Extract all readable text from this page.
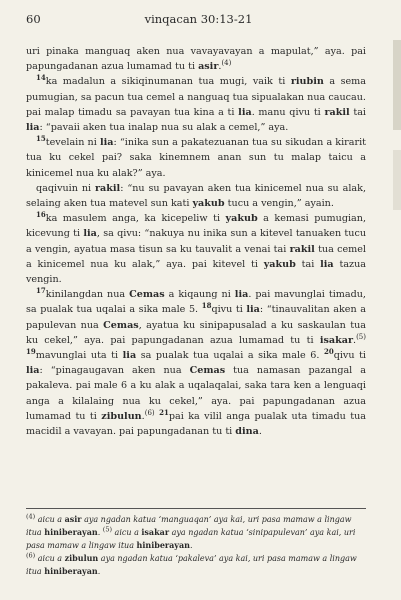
60	vinqacan 30:13-21

uri pinaka manguaq aken nua vavayavayan a mapulat,” aya. pai papungadanan azua lumamad tu ti asir.$^{(4)}$

$^{14}$ka madalun a sikiqinumanan tua mugi, vaik ti riubin a sema pumugian, sa pacun tua cemel a nanguaq tua sipualakan nua caucau. pai malap timadu sa pavayan tua kina a ti lia. manu qivu ti rakil tai lia: “pavaii aken tua inalap nua su alak a cemel,” aya.

$^{15}$tevelain ni lia: “inika sun a pakatezuanan tua su sikudan a kirarit tua ku cekel pai? saka kinemnem anan sun tu malap taicu a kinicemel nua ku alak?” aya.

qaqivuin ni rakil: “nu su pavayan aken tua kinicemel nua su alak, selaing aken tua matevel sun kati yakub tucu a vengin,” ayain.

$^{16}$ka masulem anga, ka kicepeliw ti yakub a kemasi pumugian, kicevung ti lia, sa qivu: “nakuya nu inika sun a kitevel tanuaken tucu a vengin, ayatua masa tisun sa ku tauvalit a venai tai rakil tua cemel a kinicemel nua ku alak,” aya. pai kitevel ti yakub tai lia tazua vengin.

$^{17}$kinilangdan nua Cemas a kiqaung ni lia. pai mavunglai timadu, sa pualak tua uqalai a sika male 5. $^{18}$qivu ti lia: “tinauvalitan aken a papulevan nua Cemas, ayatua ku sinipapusalad a ku saskaulan tua ku cekel,” aya. pai papungadanan azua lumamad tu ti isakar.$^{(5)}$ $^{19}$mavunglai uta ti lia sa pualak tua uqalai a sika male 6. $^{20}$qivu ti lia: “pinagaugavan aken nua Cemas tua namasan pazangal a pakaleva. pai male 6 a ku alak a uqalaqalai, saka tara ken a lenguaqi anga a kilalaing nua ku cekel,” aya. pai papungadanan azua lumamad tu ti zibulun.$^{(6)}$ $^{21}$pai ka vilil anga pualak uta timadu tua macidil a vavayan. pai papungadanan tu ti dina.

$^{(4)}$ aicu a asir aya ngadan katua ‘manguaqan’ aya kai, uri pasa mamaw a lingaw itua hiniberayan. $^{(5)}$ aicu a isakar aya ngadan katua ‘sinipapulevan’ aya kai, uri pasa mamaw a lingaw itua hiniberayan.

$^{(6)}$ aicu a zibulun aya ngadan katua ‘pakaleva’ aya kai, uri pasa mamaw a lingaw itua hiniberayan.
